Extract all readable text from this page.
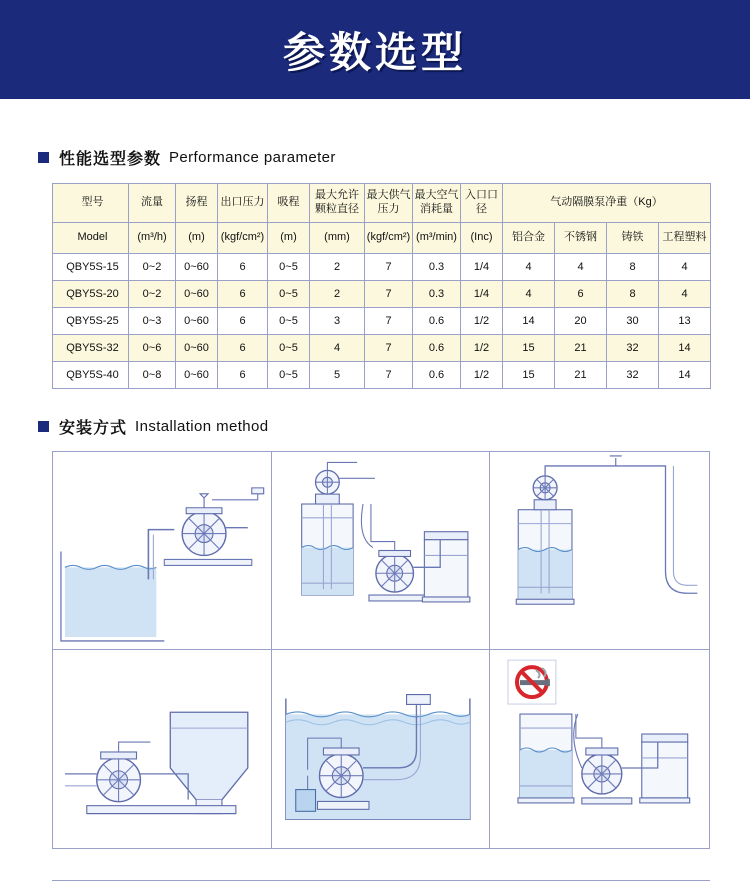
参数选型
性能选型参数 Performance parameter
型号	流量	扬程	出口压力	吸程	最大允许颗粒直径	最大供气压力	最大空气消耗量	入口口径	气动隔膜泵净重（Kg）			
Model	(m³/h)	(m)	(kgf/cm²)	(m)	(mm)	(kgf/cm²)	(m³/min)	(Inc)	铝合金	不锈钢	铸铁	工程塑料
QBY5S-15	0~2	0~60	6	0~5	2	7	0.3	1/4	4	4	8	4
QBY5S-20	0~2	0~60	6	0~5	2	7	0.3	1/4	4	6	8	4
QBY5S-25	0~3	0~60	6	0~5	3	7	0.6	1/2	14	20	30	13
QBY5S-32	0~6	0~60	6	0~5	4	7	0.6	1/2	15	21	32	14
QBY5S-40	0~8	0~60	6	0~5	5	7	0.6	1/2	15	21	32	14
安装方式 Installation method
